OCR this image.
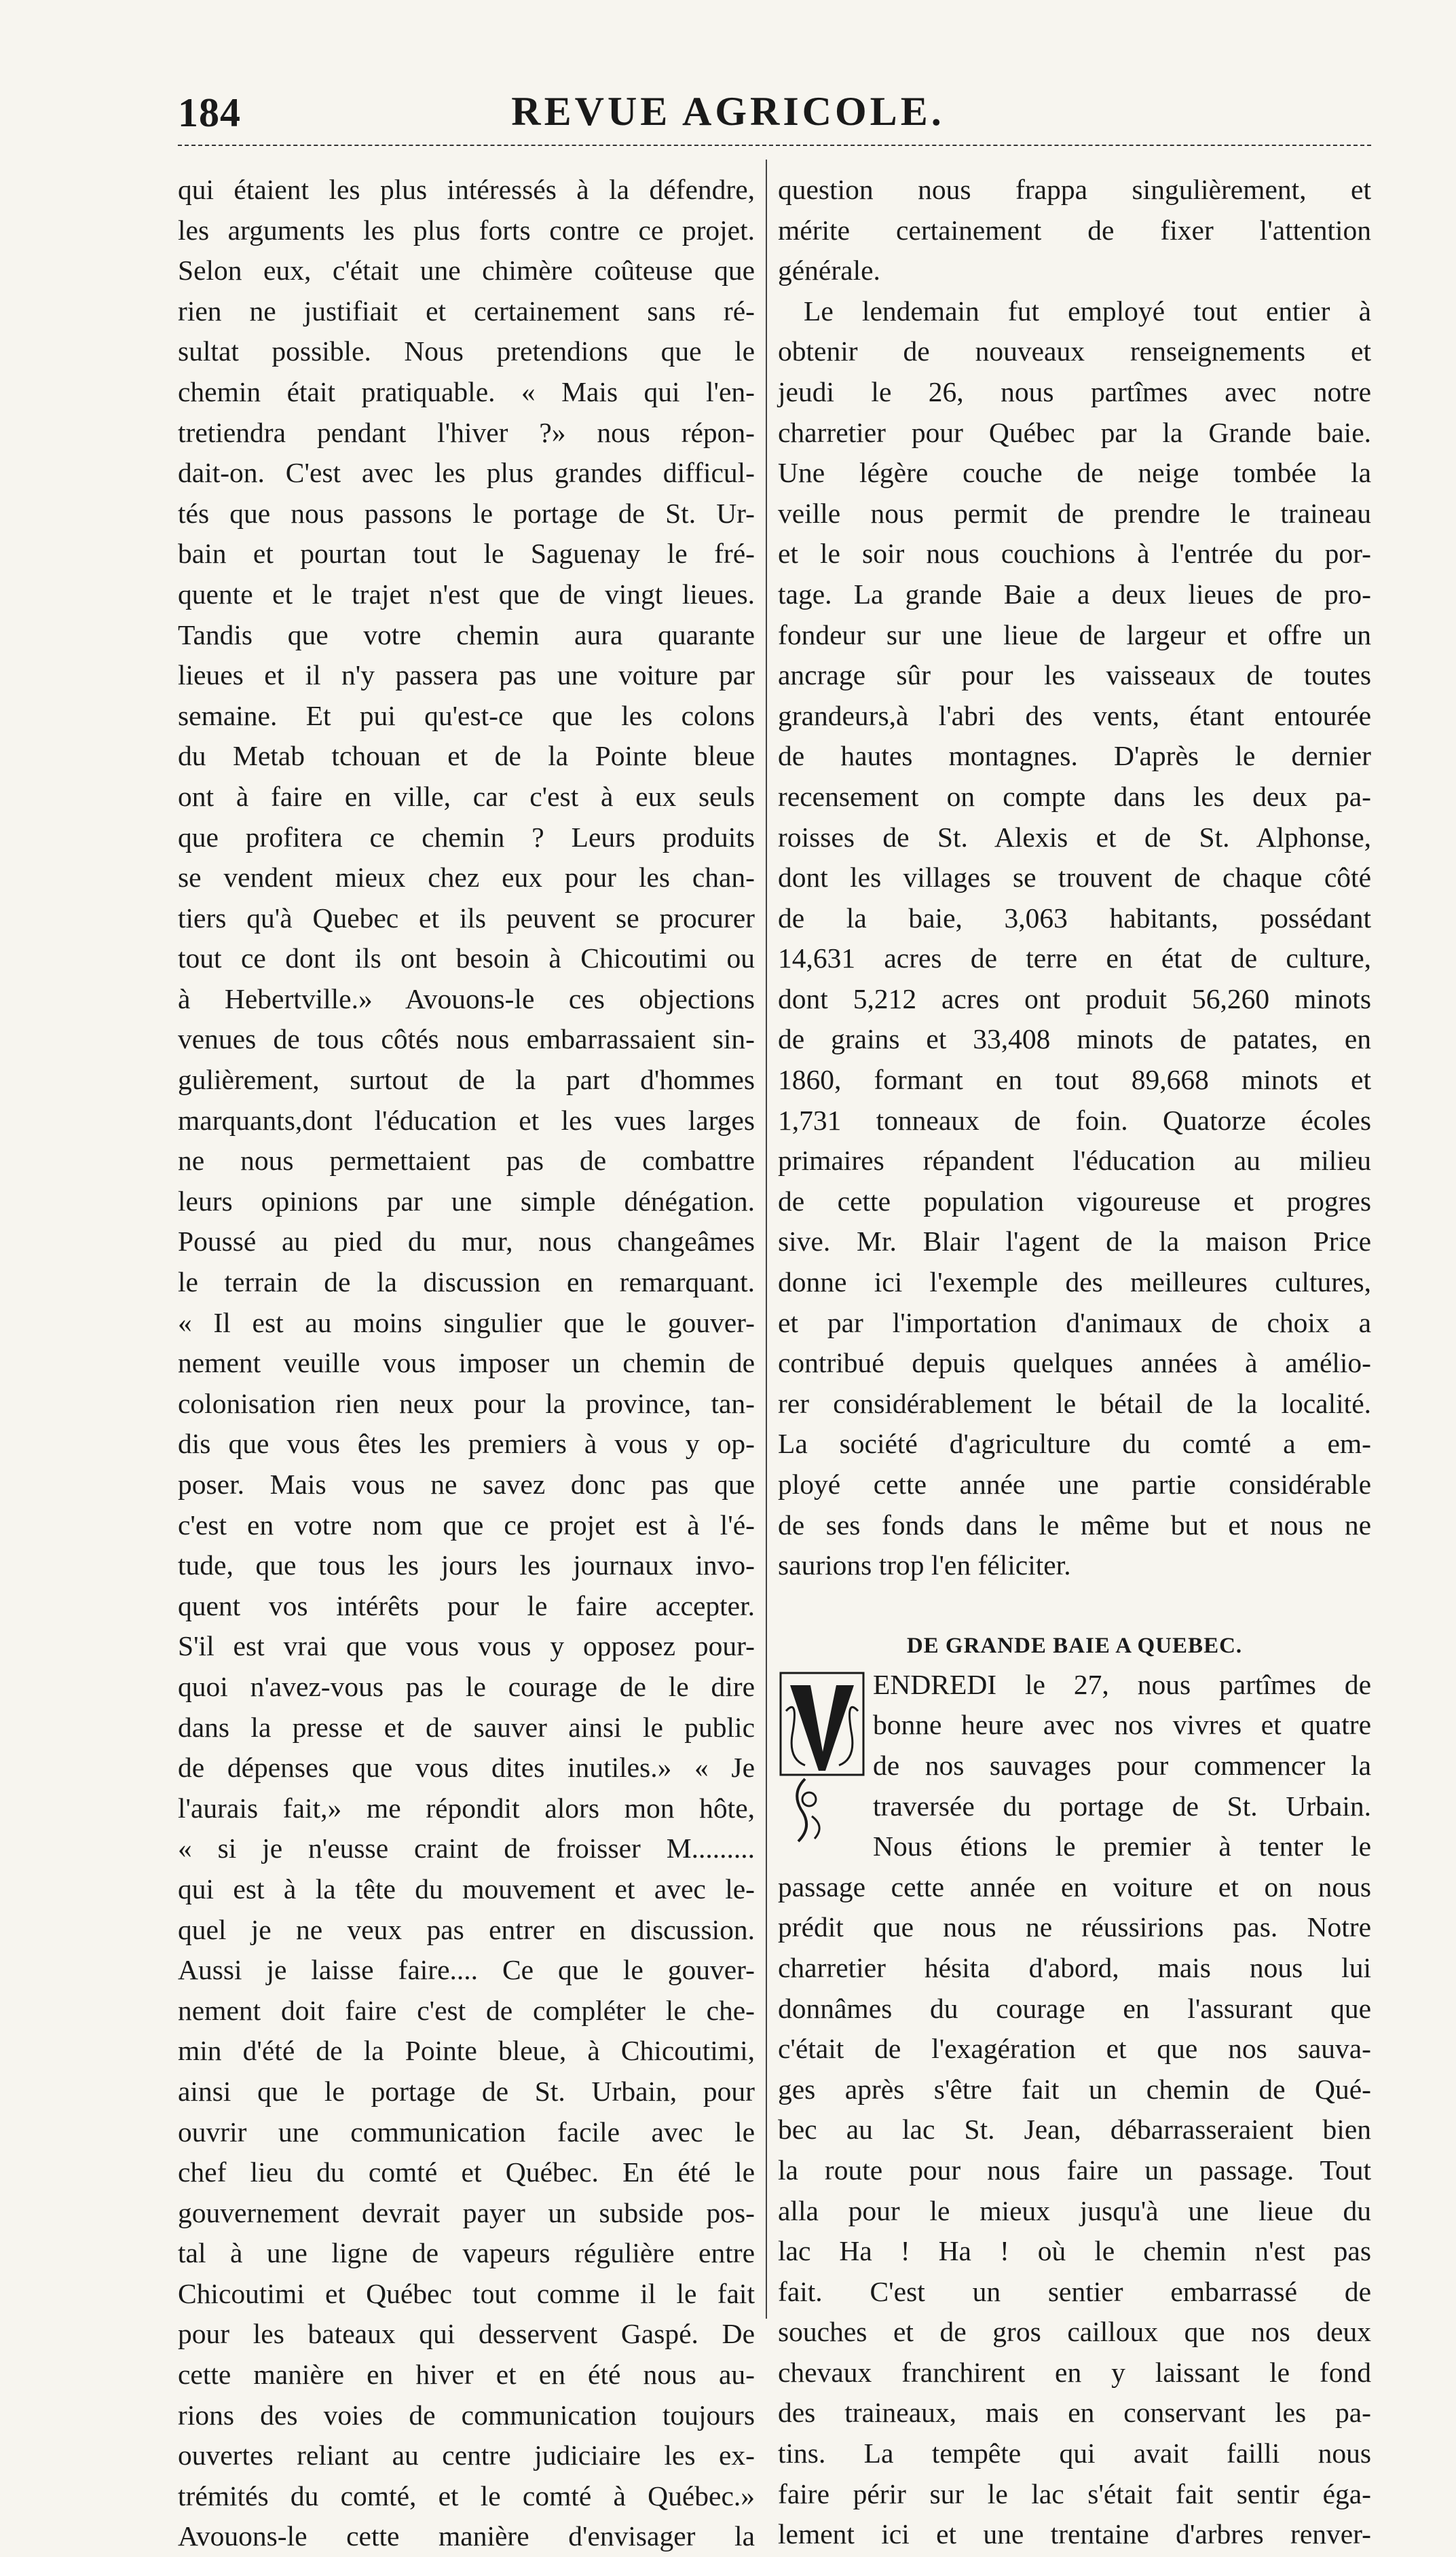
184	REVUE AGRICOLE.
qui étaient les plus intéressés à la défendre,
les arguments les plus forts contre ce projet.
Selon eux, c'était une chimère coûteuse que
rien ne justifiait et certainement sans ré-
sultat possible. Nous pretendions que le
chemin était pratiquable. « Mais qui l'en-
tretiendra pendant l'hiver ?» nous répon-
dait-on. C'est avec les plus grandes difficul-
tés que nous passons le portage de St. Ur-
bain et pourtan tout le Saguenay le fré-
quente et le trajet n'est que de vingt lieues.
Tandis que votre chemin aura quarante
lieues et il n'y passera pas une voiture par
semaine. Et pui qu'est-ce que les colons
du Metab tchouan et de la Pointe bleue
ont à faire en ville, car c'est à eux seuls
que profitera ce chemin ? Leurs produits
se vendent mieux chez eux pour les chan-
tiers qu'à Quebec et ils peuvent se procurer
tout ce dont ils ont besoin à Chicoutimi ou
à Hebertville.» Avouons-le ces objections
venues de tous côtés nous embarrassaient sin-
gulièrement, surtout de la part d'hommes
marquants,dont l'éducation et les vues larges
ne nous permettaient pas de combattre
leurs opinions par une simple dénégation.
Poussé au pied du mur, nous changeâmes
le terrain de la discussion en remarquant.
« Il est au moins singulier que le gouver-
nement veuille vous imposer un chemin de
colonisation rien neux pour la province, tan-
dis que vous êtes les premiers à vous y op-
poser. Mais vous ne savez donc pas que
c'est en votre nom que ce projet est à l'é-
tude, que tous les jours les journaux invo-
quent vos intérêts pour le faire accepter.
S'il est vrai que vous vous y opposez pour-
quoi n'avez-vous pas le courage de le dire
dans la presse et de sauver ainsi le public
de dépenses que vous dites inutiles.» « Je
l'aurais fait,» me répondit alors mon hôte,
« si je n'eusse craint de froisser M.........
qui est à la tête du mouvement et avec le-
quel je ne veux pas entrer en discussion.
Aussi je laisse faire.... Ce que le gouver-
nement doit faire c'est de compléter le che-
min d'été de la Pointe bleue, à Chicoutimi,
ainsi que le portage de St. Urbain, pour
ouvrir une communication facile avec le
chef lieu du comté et Québec. En été le
gouvernement devrait payer un subside pos-
tal à une ligne de vapeurs régulière entre
Chicoutimi et Québec tout comme il le fait
pour les bateaux qui desservent Gaspé. De
cette manière en hiver et en été nous au-
rions des voies de communication toujours
ouvertes reliant au centre judiciaire les ex-
trémités du comté, et le comté à Québec.»
Avouons-le cette manière d'envisager la
question nous frappa singulièrement, et
mérite certainement de fixer l'attention
générale.
Le lendemain fut employé tout entier à
obtenir de nouveaux renseignements et
jeudi le 26, nous partîmes avec notre
charretier pour Québec par la Grande baie.
Une légère couche de neige tombée la
veille nous permit de prendre le traineau
et le soir nous couchions à l'entrée du por-
tage. La grande Baie a deux lieues de pro-
fondeur sur une lieue de largeur et offre un
ancrage sûr pour les vaisseaux de toutes
grandeurs,à l'abri des vents, étant entourée
de hautes montagnes. D'après le dernier
recensement on compte dans les deux pa-
roisses de St. Alexis et de St. Alphonse,
dont les villages se trouvent de chaque côté
de la baie, 3,063 habitants, possédant
14,631 acres de terre en état de culture,
dont 5,212 acres ont produit 56,260 minots
de grains et 33,408 minots de patates, en
1860, formant en tout 89,668 minots et
1,731 tonneaux de foin. Quatorze écoles
primaires répandent l'éducation au milieu
de cette population vigoureuse et progres
sive. Mr. Blair l'agent de la maison Price
donne ici l'exemple des meilleures cultures,
et par l'importation d'animaux de choix a
contribué depuis quelques années à amélio-
rer considérablement le bétail de la localité.
La société d'agriculture du comté a em-
ployé cette année une partie considérable
de ses fonds dans le même but et nous ne
saurions trop l'en féliciter.
DE GRANDE BAIE A QUEBEC.
ENDREDI le 27, nous partîmes de
bonne heure avec nos vivres et quatre
de nos sauvages pour commencer la
traversée du portage de St. Urbain.
Nous étions le premier à tenter le
passage cette année en voiture et on nous
prédit que nous ne réussirions pas. Notre
charretier hésita d'abord, mais nous lui
donnâmes du courage en l'assurant que
c'était de l'exagération et que nos sauva-
ges après s'être fait un chemin de Qué-
bec au lac St. Jean, débarrasseraient bien
la route pour nous faire un passage. Tout
alla pour le mieux jusqu'à une lieue du
lac Ha ! Ha ! où le chemin n'est pas
fait. C'est un sentier embarrassé de
souches et de gros cailloux que nos deux
chevaux franchirent en y laissant le fond
des traineaux, mais en conservant les pa-
tins. La tempête qui avait failli nous
faire périr sur le lac s'était fait sentir éga-
lement ici et une trentaine d'arbres renver-
